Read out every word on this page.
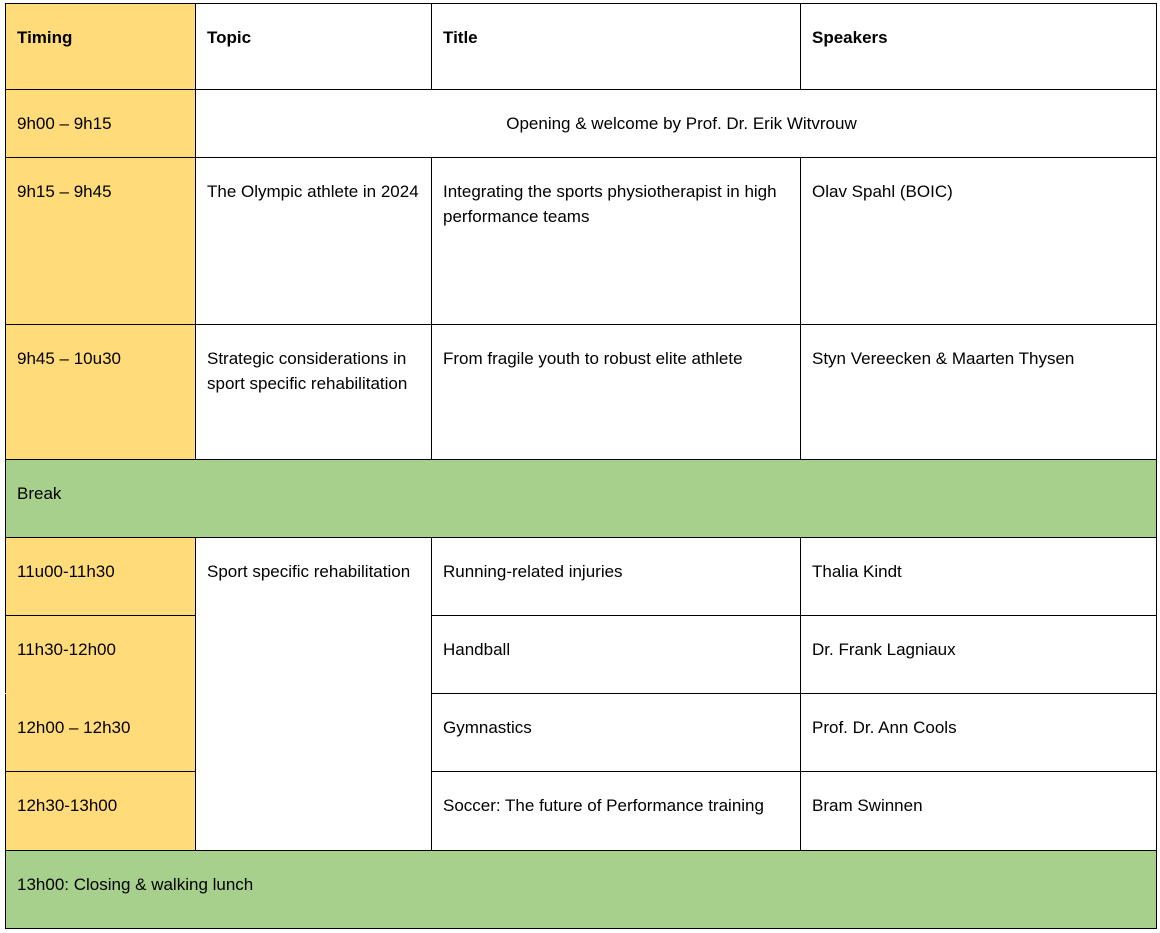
Timing	Topic	Title	Speakers
9h00 – 9h15	Opening & welcome by Prof. Dr. Erik Witvrouw		
9h15 – 9h45	The Olympic athlete in 2024	Integrating the sports physiotherapist in high performance teams	Olav Spahl (BOIC)
9h45 – 10u30	Strategic considerations in sport specific rehabilitation	From fragile youth to robust elite athlete	Styn Vereecken & Maarten Thysen
Break			
11u00-11h30	Sport specific rehabilitation	Running-related injuries	Thalia Kindt
11h30-12h00		Handball	Dr. Frank Lagniaux
12h00 – 12h30		Gymnastics	Prof. Dr. Ann Cools
12h30-13h00		Soccer: The future of Performance training	Bram Swinnen
13h00: Closing & walking lunch			
